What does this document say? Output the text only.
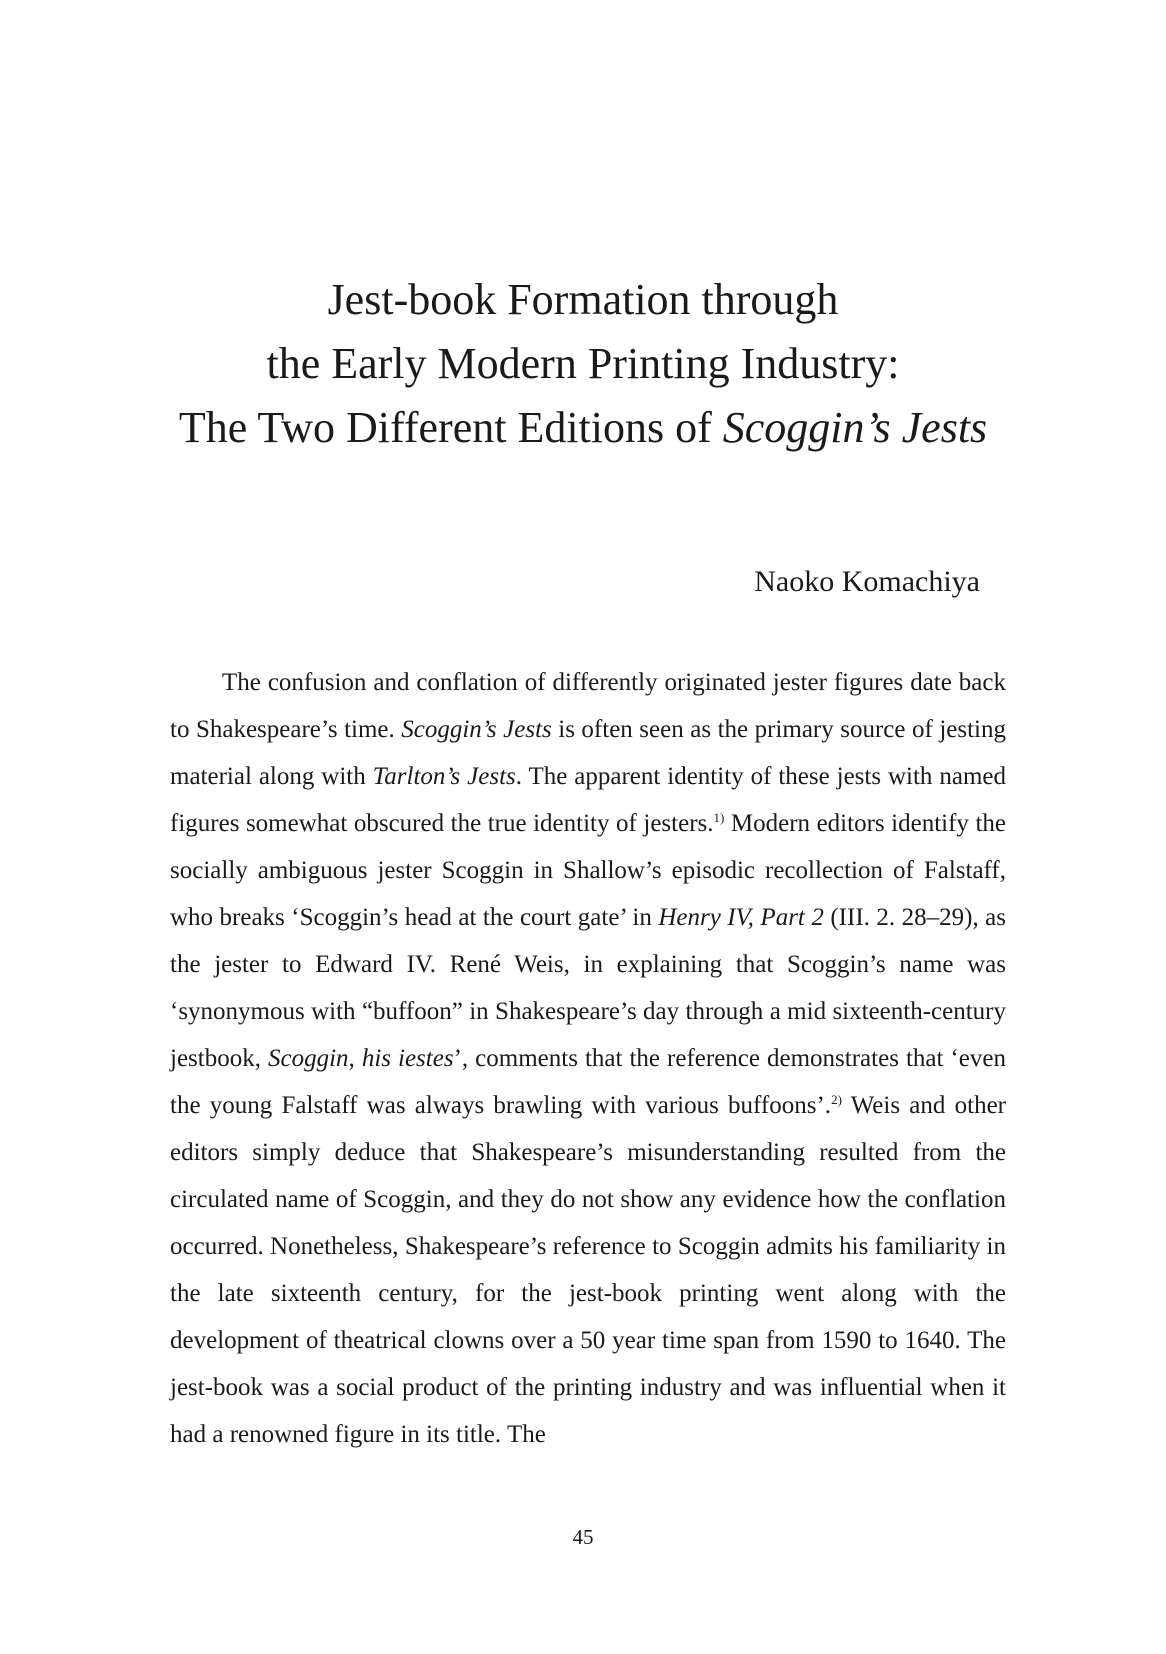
Jest-book Formation through
the Early Modern Printing Industry:
The Two Different Editions of Scoggin’s Jests
Naoko Komachiya

The confusion and conflation of differently originated jester figures date back to Shakespeare’s time. Scoggin’s Jests is often seen as the primary source of jesting material along with Tarlton’s Jests. The apparent identity of these jests with named figures somewhat obscured the true identity of jesters.$^{1)}$ Modern editors identify the socially ambiguous jester Scoggin in Shallow’s episodic recollection of Falstaff, who breaks ‘Scoggin’s head at the court gate’ in Henry IV, Part 2 (III. 2. 28–29), as the jester to Edward IV. René Weis, in explaining that Scoggin’s name was ‘synonymous with “buffoon” in Shakespeare’s day through a mid sixteenth-century jestbook, Scoggin, his iestes’, comments that the reference demonstrates that ‘even the young Falstaff was always brawling with various buffoons’.$^{2)}$ Weis and other editors simply deduce that Shakespeare’s misunderstanding resulted from the circulated name of Scoggin, and they do not show any evidence how the conflation occurred. Nonetheless, Shakespeare’s reference to Scoggin admits his familiarity in the late sixteenth century, for the jest-book printing went along with the development of theatrical clowns over a 50 year time span from 1590 to 1640. The jest-book was a social product of the printing industry and was influential when it had a renowned figure in its title. The

45
